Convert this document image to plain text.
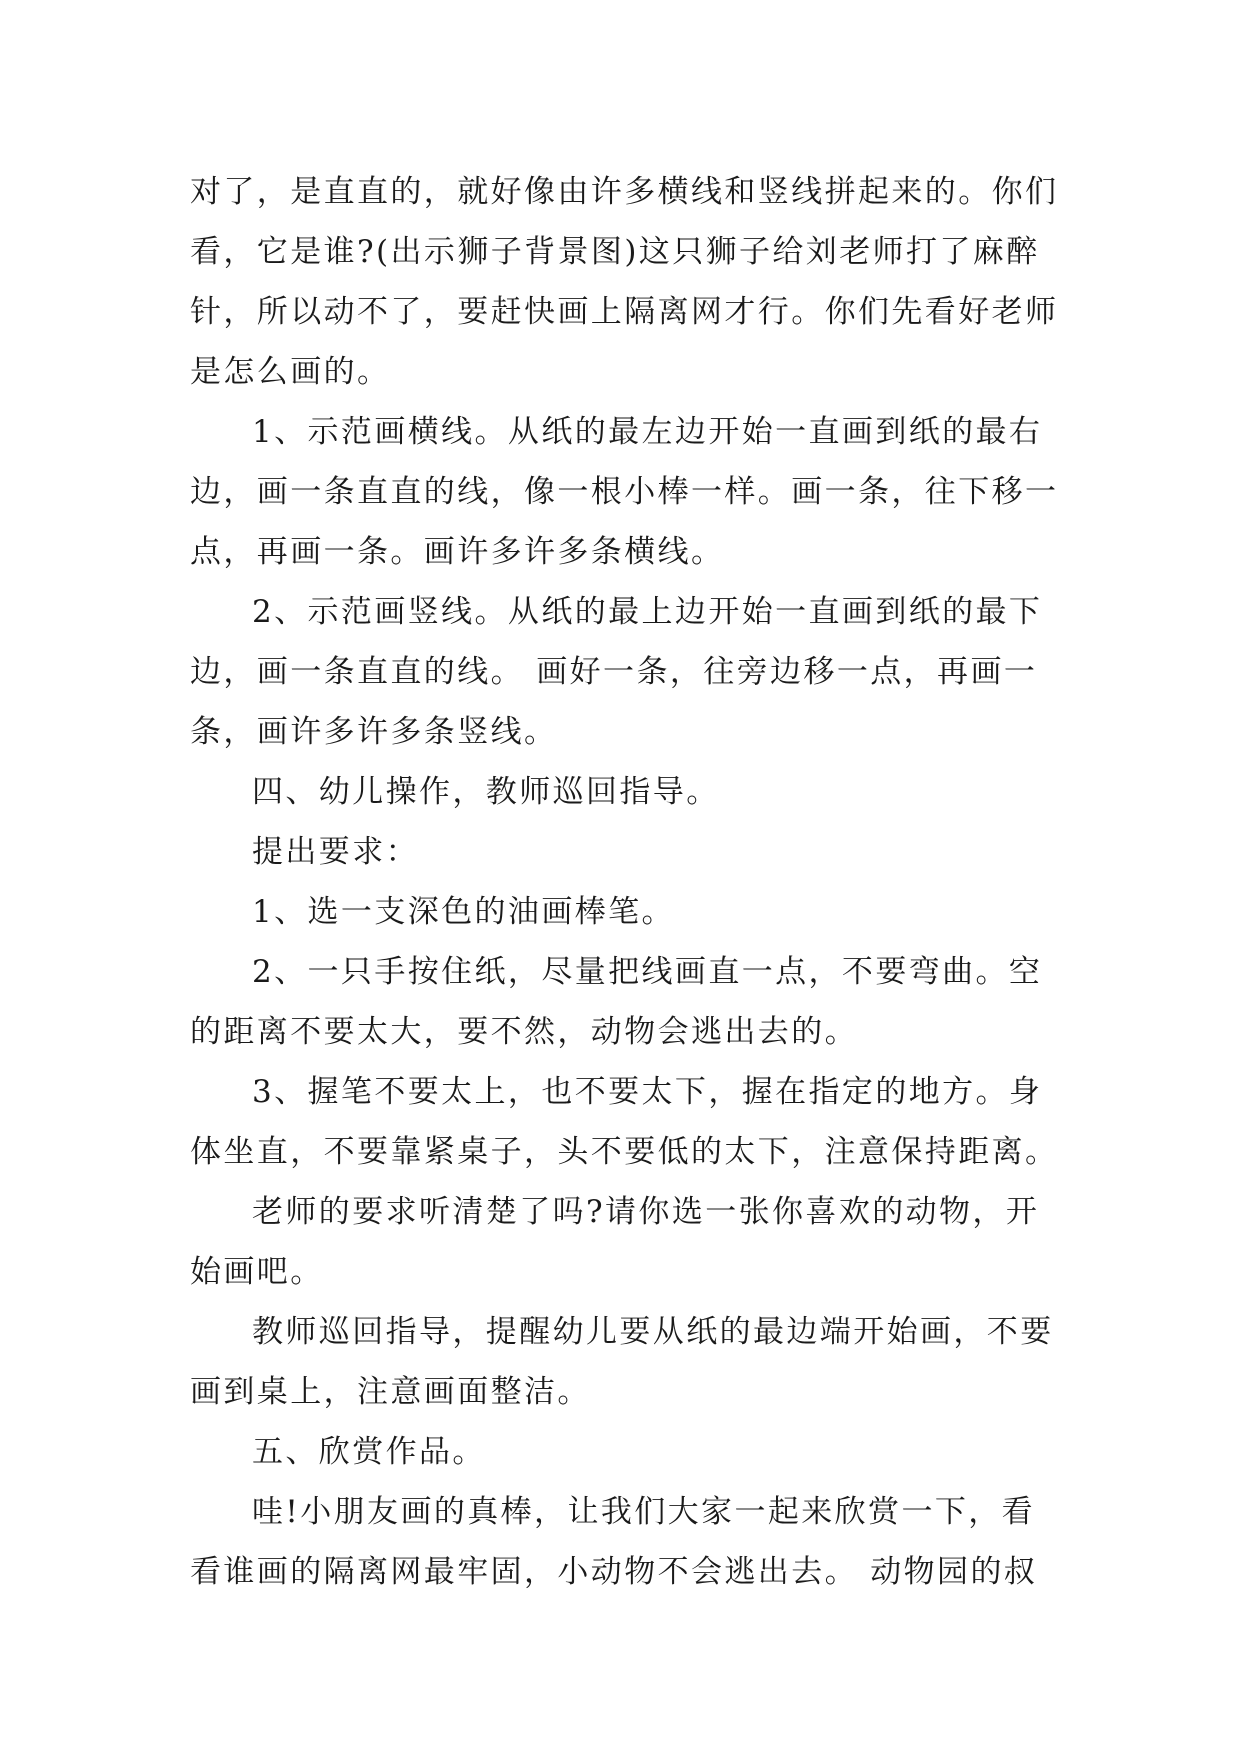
对了，是直直的，就好像由许多横线和竖线拼起来的。你们
看，它是谁?(出示狮子背景图)这只狮子给刘老师打了麻醉
针，所以动不了，要赶快画上隔离网才行。你们先看好老师
是怎么画的。

1、示范画横线。从纸的最左边开始一直画到纸的最右
边，画一条直直的线，像一根小棒一样。画一条，往下移一
点，再画一条。画许多许多条横线。

2、示范画竖线。从纸的最上边开始一直画到纸的最下
边，画一条直直的线。 画好一条，往旁边移一点，再画一
条，画许多许多条竖线。

四、幼儿操作，教师巡回指导。

提出要求：

1、选一支深色的油画棒笔。

2、一只手按住纸，尽量把线画直一点，不要弯曲。空
的距离不要太大，要不然，动物会逃出去的。

3、握笔不要太上，也不要太下，握在指定的地方。身
体坐直，不要靠紧桌子，头不要低的太下，注意保持距离。

老师的要求听清楚了吗?请你选一张你喜欢的动物，开
始画吧。

教师巡回指导，提醒幼儿要从纸的最边端开始画，不要
画到桌上，注意画面整洁。

五、欣赏作品。

哇!小朋友画的真棒，让我们大家一起来欣赏一下，看
看谁画的隔离网最牢固，小动物不会逃出去。 动物园的叔
